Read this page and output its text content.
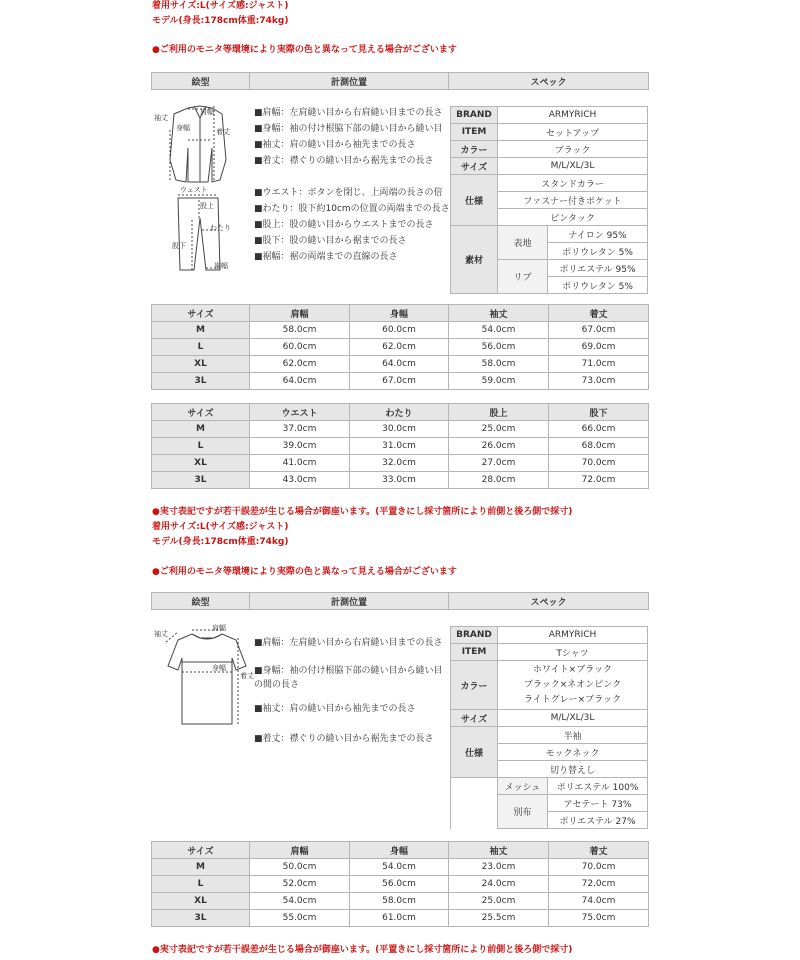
着用サイズ:L(サイズ感:ジャスト)
モデル(身長:178cm体重:74kg)
●ご利用のモニタ等環境により実際の色と異なって見える場合がございます
絵型	計測位置	スペック
肩幅
袖丈
身幅	着丈
ウェスト
股上
わたり
股下
裾幅
■肩幅：左肩縫い目から右肩縫い目までの長さ
■身幅：袖の付け根脇下部の縫い目から縫い目
■袖丈：肩の縫い目から袖先までの長さ
■着丈：襟ぐりの縫い目から裾先までの長さ
■ウエスト：ボタンを閉じ、上両端の長さの倍
■わたり：股下約10cmの位置の両端までの長さ
■股上：股の縫い目からウエストまでの長さ
■股下：股の縫い目から裾までの長さ
■裾幅：裾の両端までの直線の長さ
BRAND	ARMYRICH	
ITEM	セットアップ	
カラー	ブラック	
サイズ	M/L/XL/3L	
仕様	スタンドカラー	
	ファスナー付きポケット	
	ピンタック	
素材	表地	ナイロン 95%
		ポリウレタン 5%
	リブ	ポリエステル 95%
		ポリウレタン 5%
サイズ	肩幅	身幅	袖丈	着丈
M	58.0cm	60.0cm	54.0cm	67.0cm
L	60.0cm	62.0cm	56.0cm	69.0cm
XL	62.0cm	64.0cm	58.0cm	71.0cm
3L	64.0cm	67.0cm	59.0cm	73.0cm
サイズ	ウエスト	わたり	股上	股下
M	37.0cm	30.0cm	25.0cm	66.0cm
L	39.0cm	31.0cm	26.0cm	68.0cm
XL	41.0cm	32.0cm	27.0cm	70.0cm
3L	43.0cm	33.0cm	28.0cm	72.0cm
●実寸表記ですが若干誤差が生じる場合が御座います。(平置きにし採寸箇所により前側と後ろ側で採寸)
着用サイズ:L(サイズ感:ジャスト)
モデル(身長:178cm体重:74kg)
●ご利用のモニタ等環境により実際の色と異なって見える場合がございます
絵型	計測位置	スペック
肩幅
袖丈
身幅
着丈
■肩幅：左肩縫い目から右肩縫い目までの長さ
■身幅：袖の付け根脇下部の縫い目から縫い目の間の長さ
■袖丈：肩の縫い目から袖先までの長さ
■着丈：襟ぐりの縫い目から裾先までの長さ
BRAND	ARMYRICH	
ITEM	Tシャツ	
カラー	ホワイト×ブラック
ブラック×ネオンピンク
ライトグレー×ブラック	

サイズ	M/L/XL/3L	
仕様	半袖	
	モックネック	
	切り替えし	
	メッシュ	ポリエステル 100%
	別布	アセテート 73%
		ポリエステル 27%
サイズ	肩幅	身幅	袖丈	着丈
M	50.0cm	54.0cm	23.0cm	70.0cm
L	52.0cm	56.0cm	24.0cm	72.0cm
XL	54.0cm	58.0cm	25.0cm	74.0cm
3L	55.0cm	61.0cm	25.5cm	75.0cm
●実寸表記ですが若干誤差が生じる場合が御座います。(平置きにし採寸箇所により前側と後ろ側で採寸)
